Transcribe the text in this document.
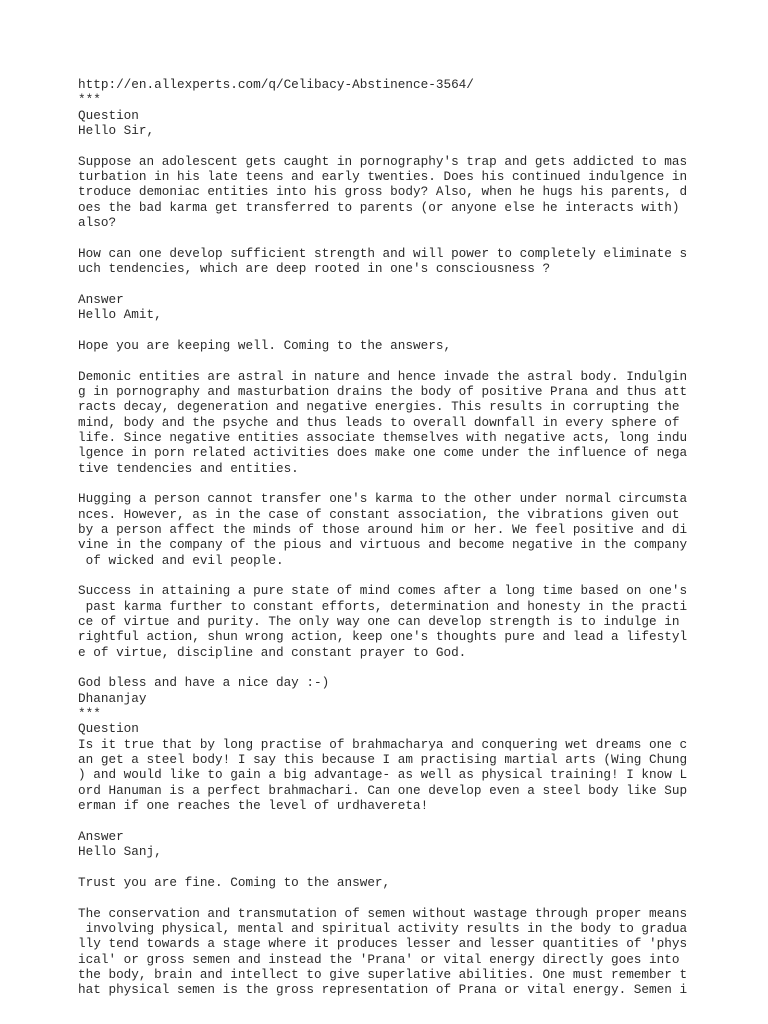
http://en.allexperts.com/q/Celibacy-Abstinence-3564/
***
Question
Hello Sir,
Suppose an adolescent gets caught in pornography's trap and gets addicted to mas
turbation in his late teens and early twenties. Does his continued indulgence in
troduce demoniac entities into his gross body? Also, when he hugs his parents, d
oes the bad karma get transferred to parents (or anyone else he interacts with)
also?
How can one develop sufficient strength and will power to completely eliminate s
uch tendencies, which are deep rooted in one's consciousness ?
Answer
Hello Amit,
Hope you are keeping well. Coming to the answers,
Demonic entities are astral in nature and hence invade the astral body. Indulgin
g in pornography and masturbation drains the body of positive Prana and thus att
racts decay, degeneration and negative energies. This results in corrupting the
mind, body and the psyche and thus leads to overall downfall in every sphere of
life. Since negative entities associate themselves with negative acts, long indu
lgence in porn related activities does make one come under the influence of nega
tive tendencies and entities.
Hugging a person cannot transfer one's karma to the other under normal circumsta
nces. However, as in the case of constant association, the vibrations given out
by a person affect the minds of those around him or her. We feel positive and di
vine in the company of the pious and virtuous and become negative in the company
of wicked and evil people.
Success in attaining a pure state of mind comes after a long time based on one's
past karma further to constant efforts, determination and honesty in the practi
ce of virtue and purity. The only way one can develop strength is to indulge in
rightful action, shun wrong action, keep one's thoughts pure and lead a lifestyl
e of virtue, discipline and constant prayer to God.
God bless and have a nice day :-)
Dhananjay
***
Question
Is it true that by long practise of brahmacharya and conquering wet dreams one c
an get a steel body! I say this because I am practising martial arts (Wing Chung
) and would like to gain a big advantage- as well as physical training! I know L
ord Hanuman is a perfect brahmachari. Can one develop even a steel body like Sup
erman if one reaches the level of urdhavereta!
Answer
Hello Sanj,
Trust you are fine. Coming to the answer,
The conservation and transmutation of semen without wastage through proper means
involving physical, mental and spiritual activity results in the body to gradua
lly tend towards a stage where it produces lesser and lesser quantities of 'phys
ical' or gross semen and instead the 'Prana' or vital energy directly goes into
the body, brain and intellect to give superlative abilities. One must remember t
hat physical semen is the gross representation of Prana or vital energy. Semen i
